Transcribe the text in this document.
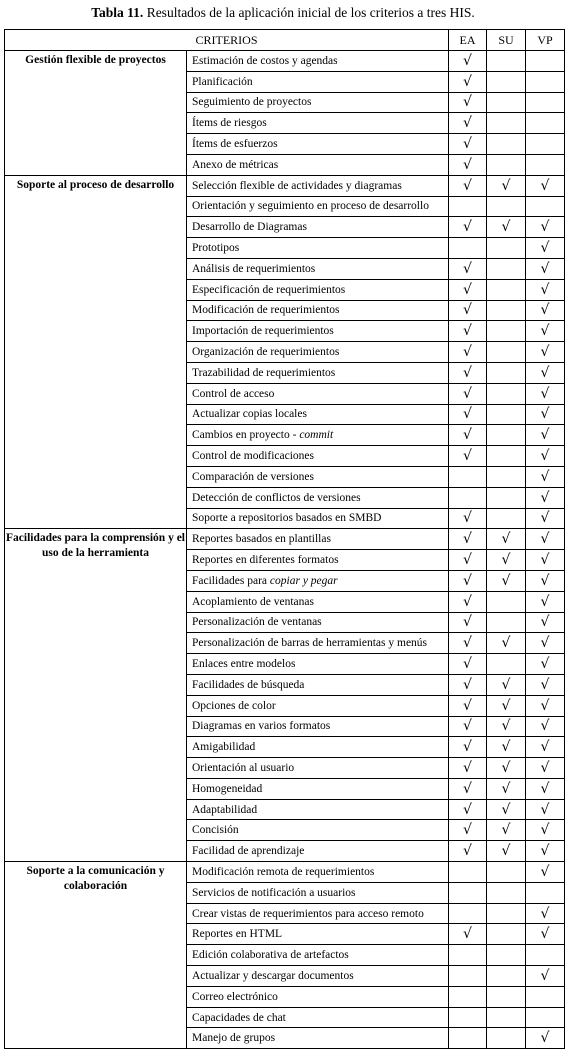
Tabla 11. Resultados de la aplicación inicial de los criterios a tres HIS.
CRITERIOS		EA	SU	VP
Gestión flexible de proyectos	Estimación de costos y agendas	√		
	Planificación	√		
	Seguimiento de proyectos	√		
	Ítems de riesgos	√		
	Ítems de esfuerzos	√		
	Anexo de métricas	√		
Soporte al proceso de desarrollo	Selección flexible de actividades y diagramas	√	√	√
	Orientación y seguimiento en proceso de desarrollo			
	Desarrollo de Diagramas	√	√	√
	Prototipos			√
	Análisis de requerimientos	√		√
	Especificación de requerimientos	√		√
	Modificación de requerimientos	√		√
	Importación de requerimientos	√		√
	Organización de requerimientos	√		√
	Trazabilidad de requerimientos	√		√
	Control de acceso	√		√
	Actualizar copias locales	√		√
	Cambios en proyecto - commit	√		√
	Control de modificaciones	√		√
	Comparación de versiones			√
	Detección de conflictos de versiones			√
	Soporte a repositorios basados en SMBD	√		√
Facilidades para la comprensión y el uso de la herramienta	Reportes basados en plantillas	√	√	√
	Reportes en diferentes formatos	√	√	√
	Facilidades para copiar y pegar	√	√	√
	Acoplamiento de ventanas	√		√
	Personalización de ventanas	√		√
	Personalización de barras de herramientas y menús	√	√	√
	Enlaces entre modelos	√		√
	Facilidades de búsqueda	√	√	√
	Opciones de color	√	√	√
	Diagramas en varios formatos	√	√	√
	Amigabilidad	√	√	√
	Orientación al usuario	√	√	√
	Homogeneidad	√	√	√
	Adaptabilidad	√	√	√
	Concisión	√	√	√
	Facilidad de aprendizaje	√	√	√
Soporte a la comunicación y colaboración	Modificación remota de requerimientos			√
	Servicios de notificación a usuarios			
	Crear vistas de requerimientos para acceso remoto			√
	Reportes en HTML	√		√
	Edición colaborativa de artefactos			
	Actualizar y descargar documentos			√
	Correo electrónico			
	Capacidades de chat			
	Manejo de grupos			√
